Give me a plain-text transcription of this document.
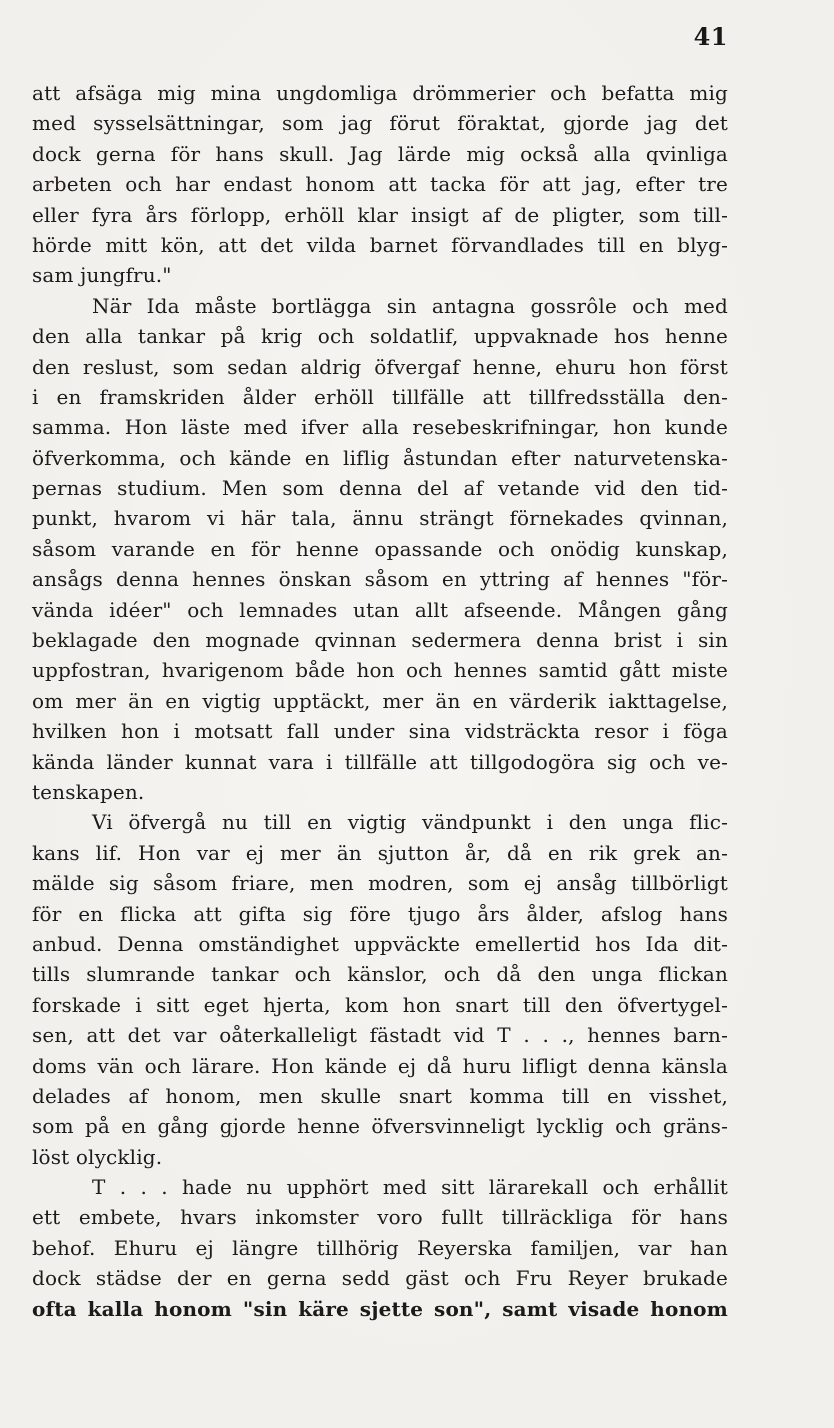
41
att afsäga mig mina ungdomliga drömmerier och befatta mig
med sysselsättningar, som jag förut föraktat, gjorde jag det
dock gerna för hans skull. Jag lärde mig också alla qvinliga
arbeten och har endast honom att tacka för att jag, efter tre
eller fyra års förlopp, erhöll klar insigt af de pligter, som till-
hörde mitt kön, att det vilda barnet förvandlades till en blyg-
sam jungfru."
När Ida måste bortlägga sin antagna gossrôle och med
den alla tankar på krig och soldatlif, uppvaknade hos henne
den reslust, som sedan aldrig öfvergaf henne, ehuru hon först
i en framskriden ålder erhöll tillfälle att tillfredsställa den-
samma. Hon läste med ifver alla resebeskrifningar, hon kunde
öfverkomma, och kände en liflig åstundan efter naturvetenska-
pernas studium. Men som denna del af vetande vid den tid-
punkt, hvarom vi här tala, ännu strängt förnekades qvinnan,
såsom varande en för henne opassande och onödig kunskap,
ansågs denna hennes önskan såsom en yttring af hennes "för-
vända idéer" och lemnades utan allt afseende. Mången gång
beklagade den mognade qvinnan sedermera denna brist i sin
uppfostran, hvarigenom både hon och hennes samtid gått miste
om mer än en vigtig upptäckt, mer än en värderik iakttagelse,
hvilken hon i motsatt fall under sina vidsträckta resor i föga
kända länder kunnat vara i tillfälle att tillgodogöra sig och ve-
tenskapen.
Vi öfvergå nu till en vigtig vändpunkt i den unga flic-
kans lif. Hon var ej mer än sjutton år, då en rik grek an-
mälde sig såsom friare, men modren, som ej ansåg tillbörligt
för en flicka att gifta sig före tjugo års ålder, afslog hans
anbud. Denna omständighet uppväckte emellertid hos Ida dit-
tills slumrande tankar och känslor, och då den unga flickan
forskade i sitt eget hjerta, kom hon snart till den öfvertygel-
sen, att det var oåterkalleligt fästadt vid T . . ., hennes barn-
doms vän och lärare. Hon kände ej då huru lifligt denna känsla
delades af honom, men skulle snart komma till en visshet,
som på en gång gjorde henne öfversvinneligt lycklig och gräns-
löst olycklig.
T . . . hade nu upphört med sitt lärarekall och erhållit
ett embete, hvars inkomster voro fullt tillräckliga för hans
behof. Ehuru ej längre tillhörig Reyerska familjen, var han
dock städse der en gerna sedd gäst och Fru Reyer brukade
ofta kalla honom "sin käre sjette son", samt visade honom
